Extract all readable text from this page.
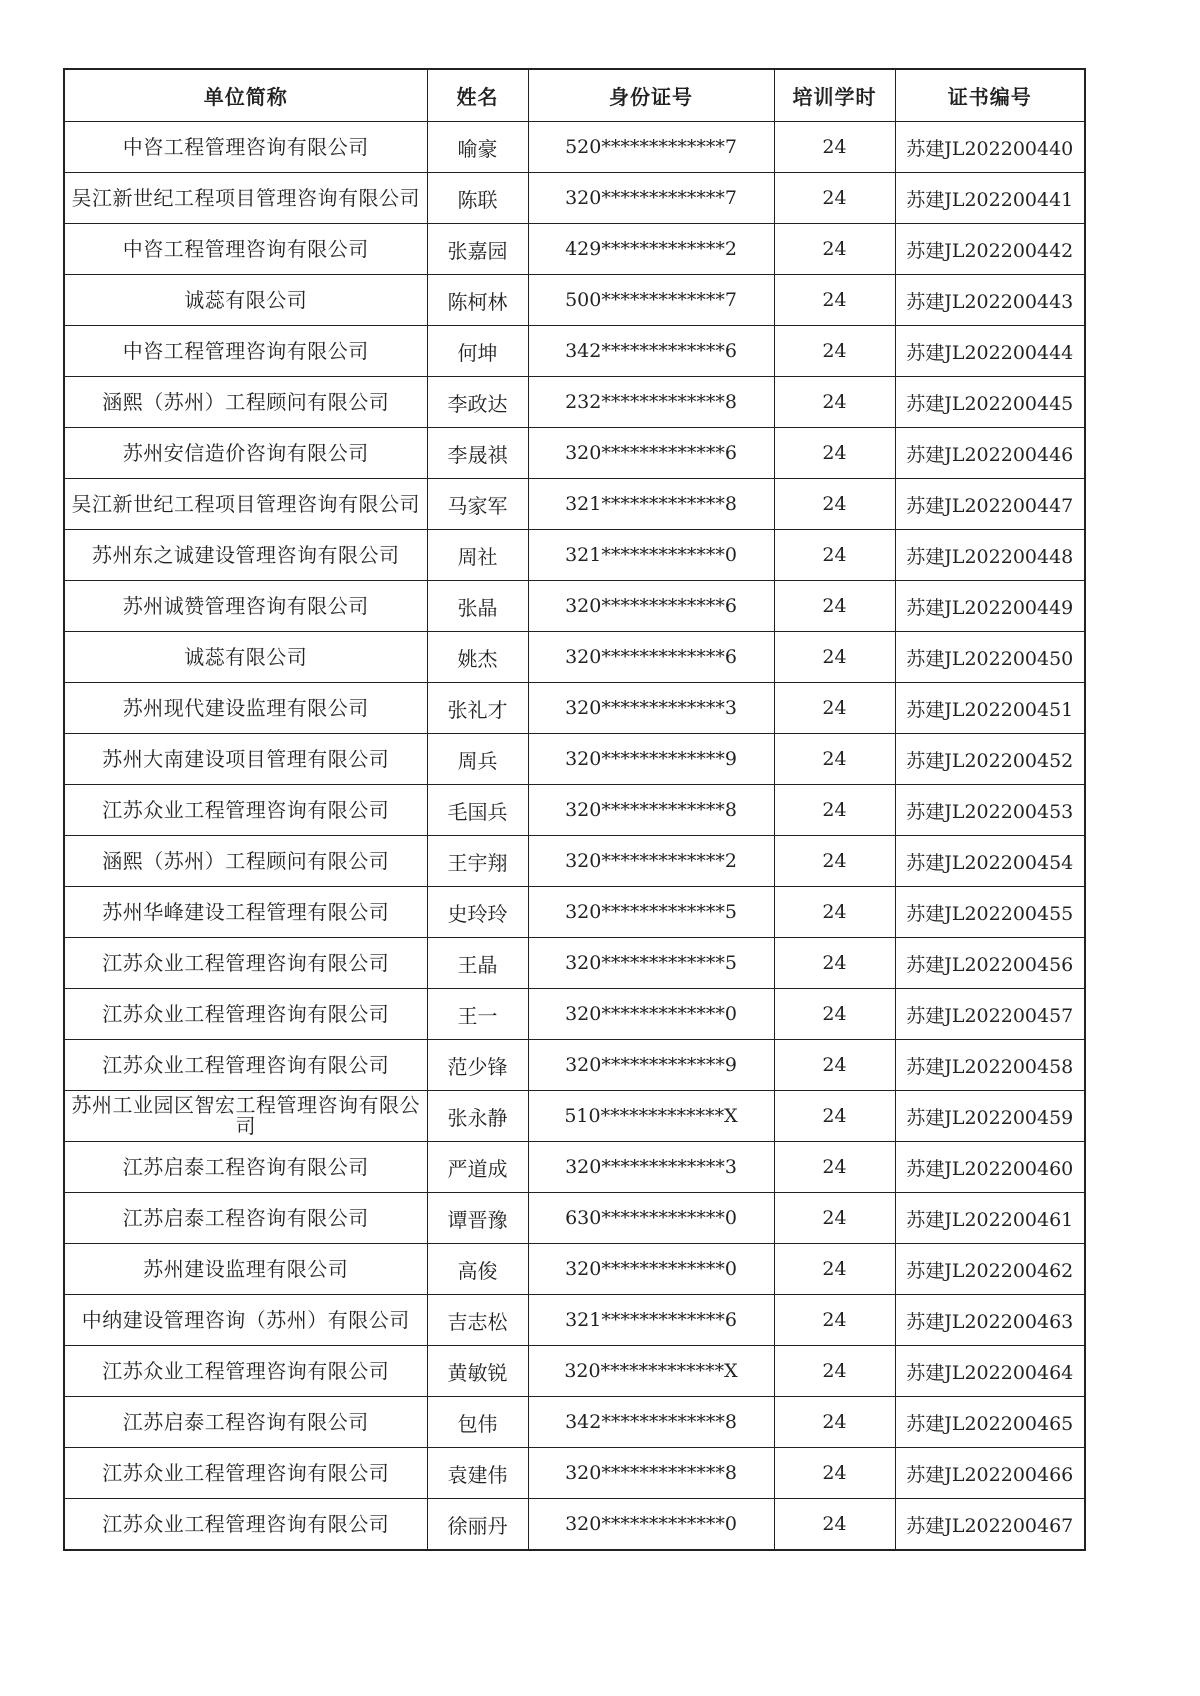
单位简称	姓名	身份证号	培训学时	证书编号
中咨工程管理咨询有限公司	喻豪	520*************7	24	苏建JL202200440
吴江新世纪工程项目管理咨询有限公司	陈联	320*************7	24	苏建JL202200441
中咨工程管理咨询有限公司	张嘉园	429*************2	24	苏建JL202200442
诚蕊有限公司	陈柯林	500*************7	24	苏建JL202200443
中咨工程管理咨询有限公司	何坤	342*************6	24	苏建JL202200444
涵熙（苏州）工程顾问有限公司	李政达	232*************8	24	苏建JL202200445
苏州安信造价咨询有限公司	李晟祺	320*************6	24	苏建JL202200446
吴江新世纪工程项目管理咨询有限公司	马家军	321*************8	24	苏建JL202200447
苏州东之诚建设管理咨询有限公司	周社	321*************0	24	苏建JL202200448
苏州诚赞管理咨询有限公司	张晶	320*************6	24	苏建JL202200449
诚蕊有限公司	姚杰	320*************6	24	苏建JL202200450
苏州现代建设监理有限公司	张礼才	320*************3	24	苏建JL202200451
苏州大南建设项目管理有限公司	周兵	320*************9	24	苏建JL202200452
江苏众业工程管理咨询有限公司	毛国兵	320*************8	24	苏建JL202200453
涵熙（苏州）工程顾问有限公司	王宇翔	320*************2	24	苏建JL202200454
苏州华峰建设工程管理有限公司	史玲玲	320*************5	24	苏建JL202200455
江苏众业工程管理咨询有限公司	王晶	320*************5	24	苏建JL202200456
江苏众业工程管理咨询有限公司	王一	320*************0	24	苏建JL202200457
江苏众业工程管理咨询有限公司	范少锋	320*************9	24	苏建JL202200458
苏州工业园区智宏工程管理咨询有限公司	张永静	510*************X	24	苏建JL202200459
江苏启泰工程咨询有限公司	严道成	320*************3	24	苏建JL202200460
江苏启泰工程咨询有限公司	谭晋豫	630*************0	24	苏建JL202200461
苏州建设监理有限公司	高俊	320*************0	24	苏建JL202200462
中纳建设管理咨询（苏州）有限公司	吉志松	321*************6	24	苏建JL202200463
江苏众业工程管理咨询有限公司	黄敏锐	320*************X	24	苏建JL202200464
江苏启泰工程咨询有限公司	包伟	342*************8	24	苏建JL202200465
江苏众业工程管理咨询有限公司	袁建伟	320*************8	24	苏建JL202200466
江苏众业工程管理咨询有限公司	徐丽丹	320*************0	24	苏建JL202200467
